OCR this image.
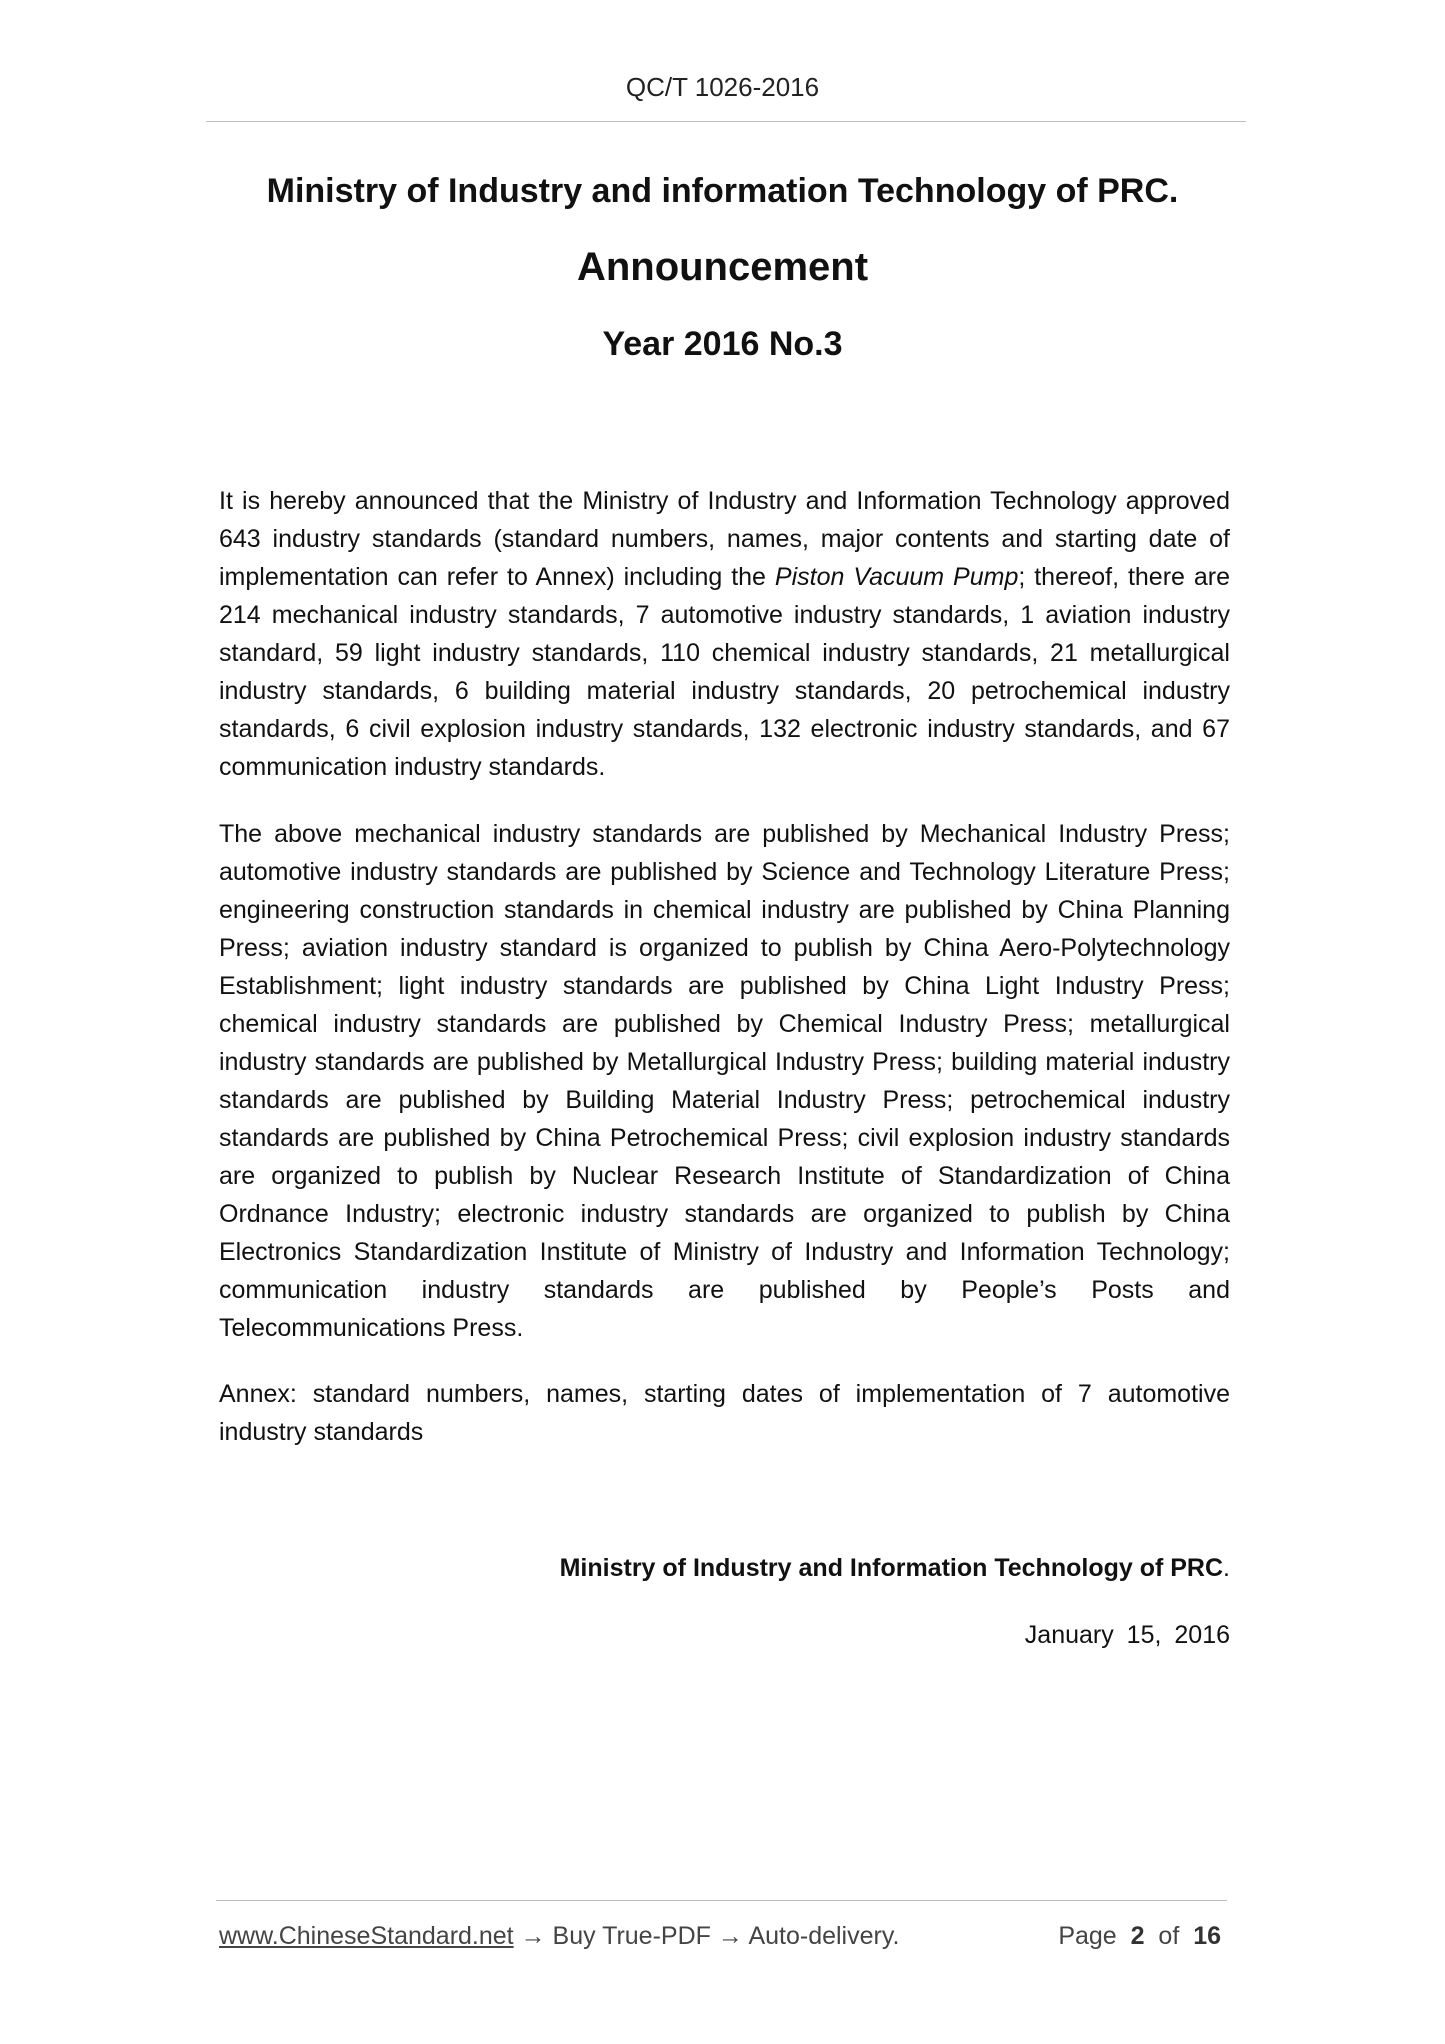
QC/T 1026-2016
Ministry of Industry and information Technology of PRC.
Announcement
Year 2016 No.3

It is hereby announced that the Ministry of Industry and Information Technology approved 643 industry standards (standard numbers, names, major contents and starting date of implementation can refer to Annex) including the Piston Vacuum Pump; thereof, there are 214 mechanical industry standards, 7 automotive industry standards, 1 aviation industry standard, 59 light industry standards, 110 chemical industry standards, 21 metallurgical industry standards, 6 building material industry standards, 20 petrochemical industry standards, 6 civil explosion industry standards, 132 electronic industry standards, and 67 communication industry standards.

The above mechanical industry standards are published by Mechanical Industry Press; automotive industry standards are published by Science and Technology Literature Press; engineering construction standards in chemical industry are published by China Planning Press; aviation industry standard is organized to publish by China Aero-Polytechnology Establishment; light industry standards are published by China Light Industry Press; chemical industry standards are published by Chemical Industry Press; metallurgical industry standards are published by Metallurgical Industry Press; building material industry standards are published by Building Material Industry Press; petrochemical industry standards are published by China Petrochemical Press; civil explosion industry standards are organized to publish by Nuclear Research Institute of Standardization of China Ordnance Industry; electronic industry standards are organized to publish by China Electronics Standardization Institute of Ministry of Industry and Information Technology; communication industry standards are published by People’s Posts and Telecommunications Press.

Annex: standard numbers, names, starting dates of implementation of 7 automotive industry standards

Ministry of Industry and Information Technology of PRC.
January 15, 2016
www.ChineseStandard.net → Buy True-PDF → Auto-delivery.	Page 2 of 16
